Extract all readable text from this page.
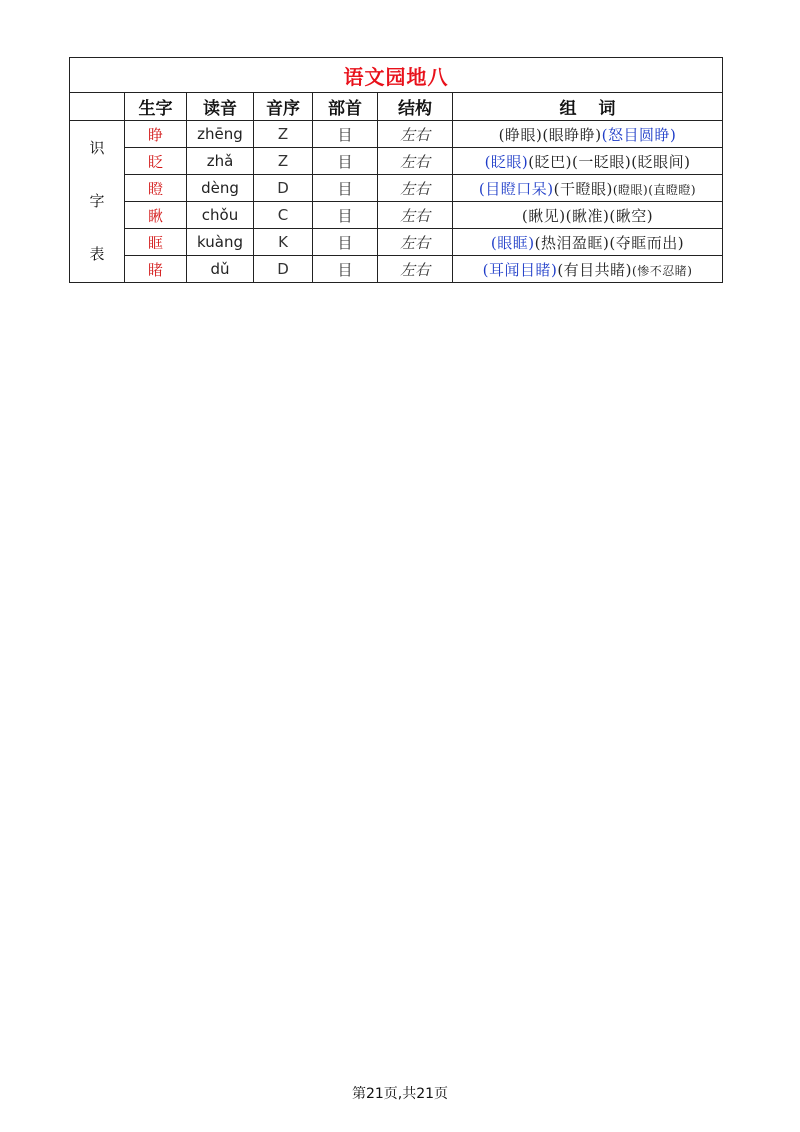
语文园地八						
	生字	读音	音序	部首	结构	组词

识
字
表	睁	zhēng	Z	目	左右	(睁眼)(眼睁睁)(怒目圆睁)
	眨	zhǎ	Z	目	左右	(眨眼)(眨巴)(一眨眼)(眨眼间)
	瞪	dèng	D	目	左右	(目瞪口呆)(干瞪眼)(瞪眼)(直瞪瞪)
	瞅	chǒu	C	目	左右	(瞅见)(瞅准)(瞅空)
	眶	kuàng	K	目	左右	(眼眶)(热泪盈眶)(夺眶而出)
	睹	dǔ	D	目	左右	(耳闻目睹)(有目共睹)(惨不忍睹)
第21页,共21页
